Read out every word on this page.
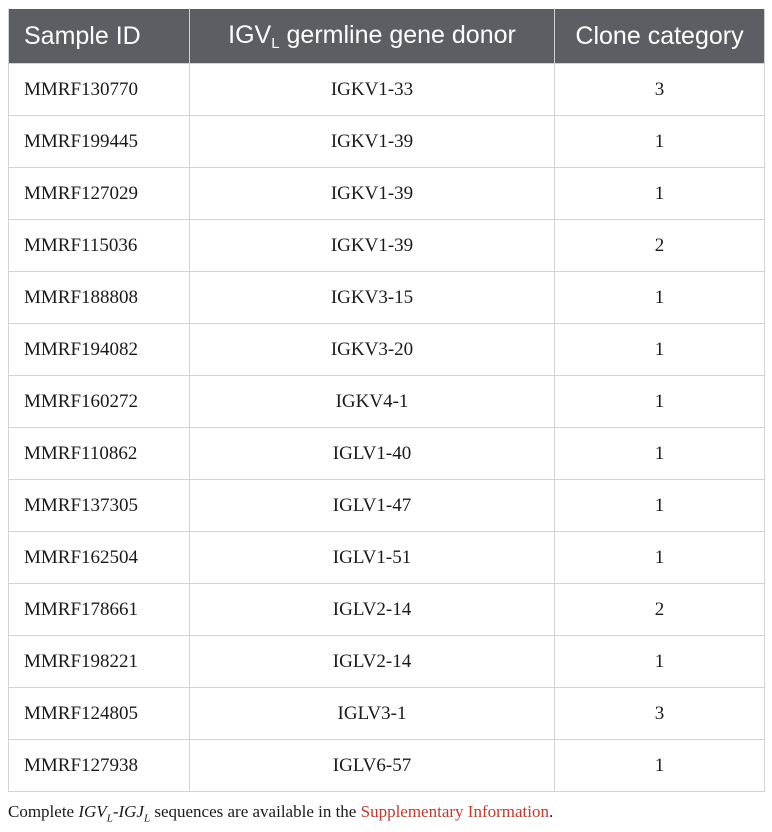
Sample ID	$IGV_L$ germline gene donor	Clone category
MMRF130770	IGKV1-33	3
MMRF199445	IGKV1-39	1
MMRF127029	IGKV1-39	1
MMRF115036	IGKV1-39	2
MMRF188808	IGKV3-15	1
MMRF194082	IGKV3-20	1
MMRF160272	IGKV4-1	1
MMRF110862	IGLV1-40	1
MMRF137305	IGLV1-47	1
MMRF162504	IGLV1-51	1
MMRF178661	IGLV2-14	2
MMRF198221	IGLV2-14	1
MMRF124805	IGLV3-1	3
MMRF127938	IGLV6-57	1
Complete $IGV_L-IGJ_L$ sequences are available in the Supplementary Information.
